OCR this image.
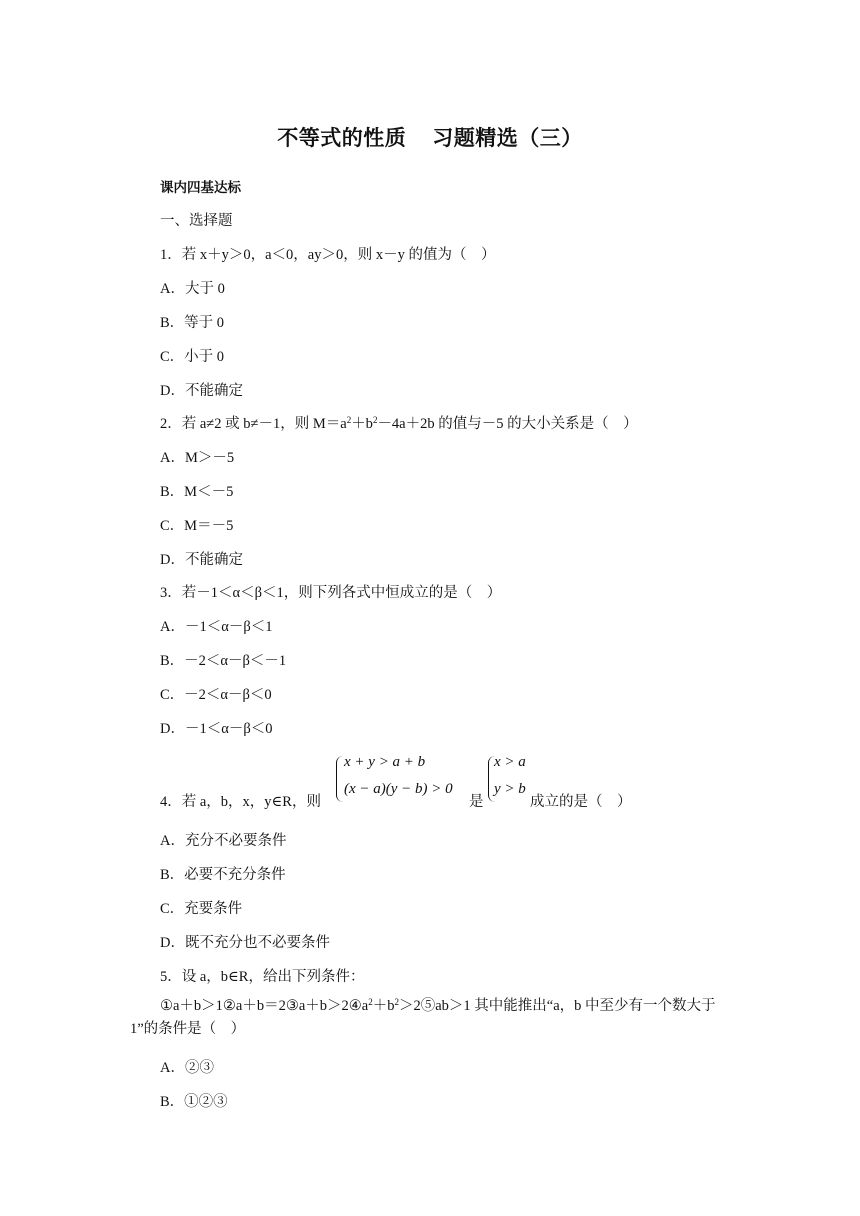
不等式的性质 习题精选（三）
课内四基达标
一、选择题
1．若 x＋y＞0，a＜0，ay＞0，则 x－y 的值为（　）
A．大于 0
B．等于 0
C．小于 0
D．不能确定
2．若 a≠2 或 b≠－1，则 $M=a^2+b^2-4a+2b$ 的值与－5 的大小关系是（　）
A．M＞－5
B．M＜－5
C．M＝－5
D．不能确定
3．若－1＜α＜β＜1，则下列各式中恒成立的是（　）
A．－1＜α－β＜1
B．－2＜α－β＜－1
C．－2＜α－β＜0
D．－1＜α－β＜0
4．若 a，b，x，y∈R，则
x + y > a + b
(x − a)(y − b) > 0
是
x > a
y > b
成立的是（　）
A．充分不必要条件
B．必要不充分条件
C．充要条件
D．既不充分也不必要条件
5．设 a，b∈R，给出下列条件：
$①a+b>1②a+b=2③a+b>2④a^2+b^2>2⑤ab>1$ 其中能推出“a，b 中至少有一个数大于 1”的条件是（　）
A．②③
B．①②③
